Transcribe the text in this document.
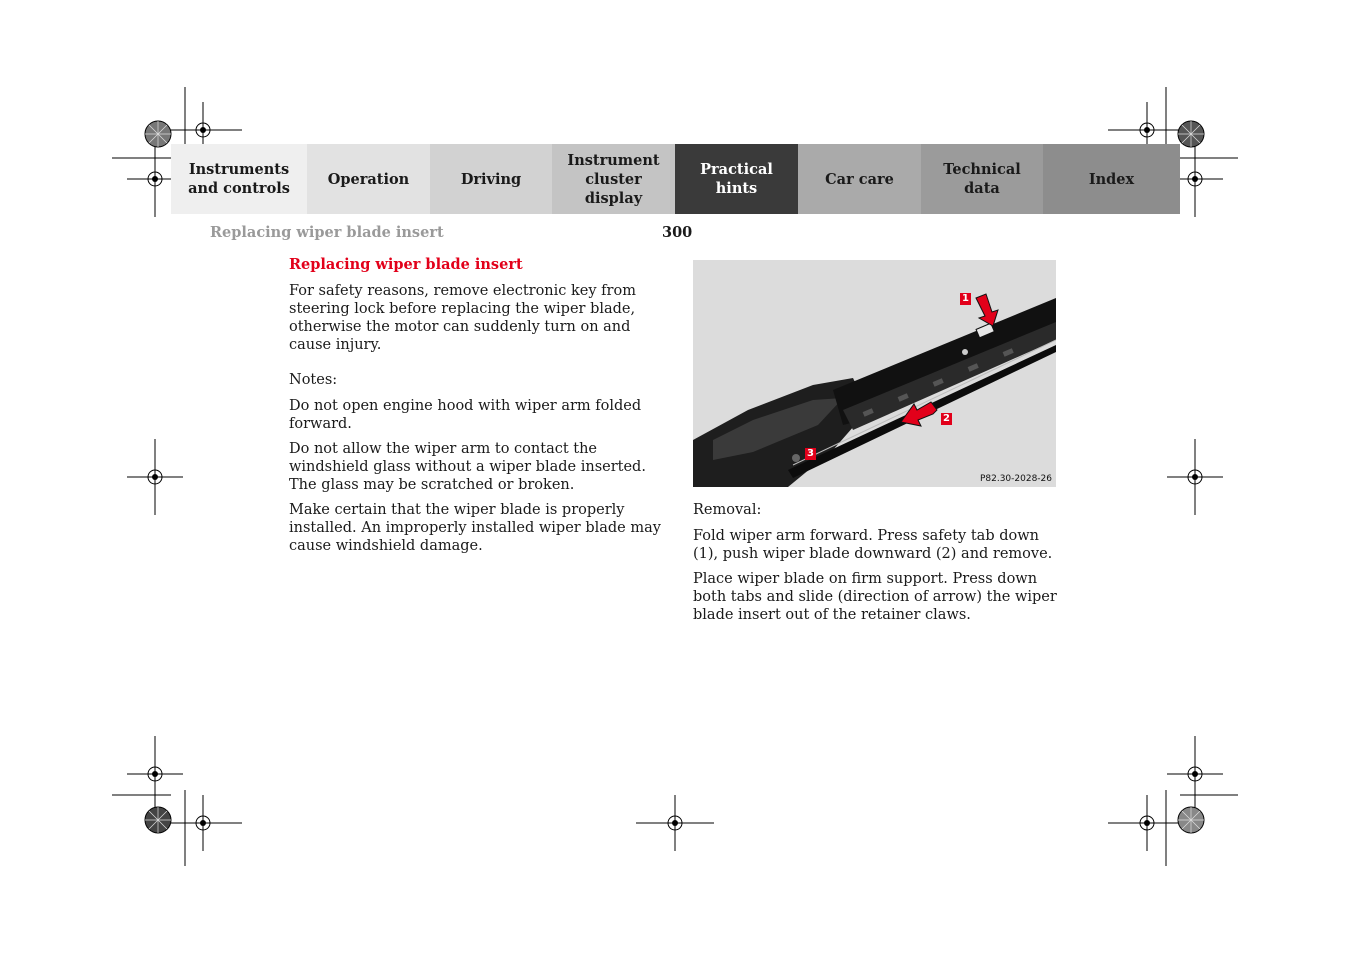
Instruments
and controls
Operation	Driving
Instrument
cluster display
Practical hints
Car care
Technical
data
Index
Replacing wiper blade insert	300
Replacing wiper blade insert

For safety reasons, remove electronic key from steering lock before replacing the wiper blade, otherwise the motor can suddenly turn on and cause injury.

Notes:

Do not open engine hood with wiper arm folded forward.

Do not allow the wiper arm to contact the windshield glass without a wiper blade inserted. The glass may be scratched or broken.

Make certain that the wiper blade is properly installed. An improperly installed wiper blade may cause windshield damage.

1
2
3
P82.30-2028-26

Removal:

Fold wiper arm forward. Press safety tab down (1), push wiper blade downward (2) and remove.

Place wiper blade on firm support. Press down both tabs and slide (direction of arrow) the wiper blade insert out of the retainer claws.
